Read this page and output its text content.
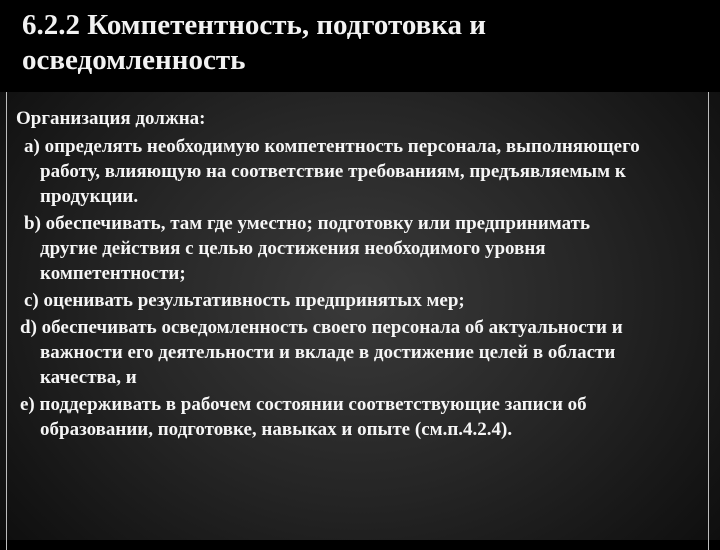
6.2.2 Компетентность, подготовка и осведомленность

Организация должна:

a) определять необходимую компетентность персонала, выполняющего работу, влияющую на соответствие требованиям, предъявляемым к продукции.

b) обеспечивать, там где уместно; подготовку или предпринимать другие действия с целью достижения необходимого уровня компетентности;

c) оценивать результативность предпринятых мер;

d) обеспечивать осведомленность своего персонала об актуальности и важности его деятельности и вкладе в достижение целей в области качества, и

e) поддерживать в рабочем состоянии соответствующие записи об образовании, подготовке, навыках и опыте (см.п.4.2.4).
